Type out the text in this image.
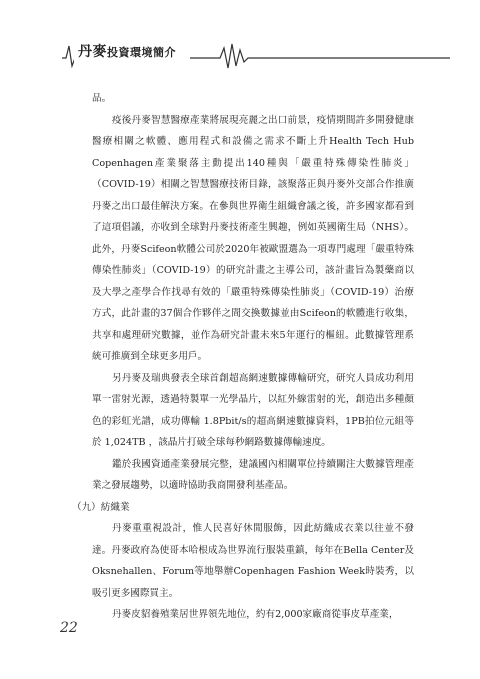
丹麥投資環境簡介

品。

疫後丹麥智慧醫療產業將展現亮麗之出口前景，疫情期間許多開發健康醫療相關之軟體、應用程式和設備之需求不斷上升Health Tech Hub Copenhagen產業聚落主動提出140種與「嚴重特殊傳染性肺炎」（COVID-19）相關之智慧醫療技術目錄，該聚落正與丹麥外交部合作推廣丹麥之出口最佳解決方案。在參與世界衛生組織會議之後，許多國家都看到了這項倡議，亦收到全球對丹麥技術產生興趣，例如英國衛生局（NHS）。此外，丹麥Scifeon軟體公司於2020年被歐盟選為一項專門處理「嚴重特殊傳染性肺炎」（COVID-19）的研究計畫之主導公司，該計畫旨為製藥商以及大學之產學合作找尋有效的「嚴重特殊傳染性肺炎」（COVID-19）治療方式，此計畫的37個合作夥伴之間交換數據並由Scifeon的軟體進行收集，共享和處理研究數據，並作為研究計畫未來5年運行的樞紐。此數據管理系統可推廣到全球更多用戶。

另丹麥及瑞典發表全球首創超高網速數據傳輸研究，研究人員成功利用單一雷射光源，透過特製單一光學晶片，以紅外線雷射的光，創造出多種顏色的彩虹光譜，成功傳輸 1.8Pbit/s的超高網速數據資料，1PB拍位元組等於 1,024TB ，該晶片打破全球每秒網路數據傳輸速度。

鑑於我國資通產業發展完整，建議國內相關單位持續關注大數據管理產業之發展趨勢，以適時協助我商開發利基產品。

（九）紡織業

丹麥重重視設計，惟人民喜好休閒服飾，因此紡織成衣業以往並不發達。丹麥政府為使哥本哈根成為世界流行服裝重鎮，每年在Bella Center及Oksnehallen、Forum等地舉辦Copenhagen Fashion Week時裝秀，以吸引更多國際買主。

丹麥皮貂養殖業居世界領先地位，約有2,000家廠商從事皮草產業，

22
